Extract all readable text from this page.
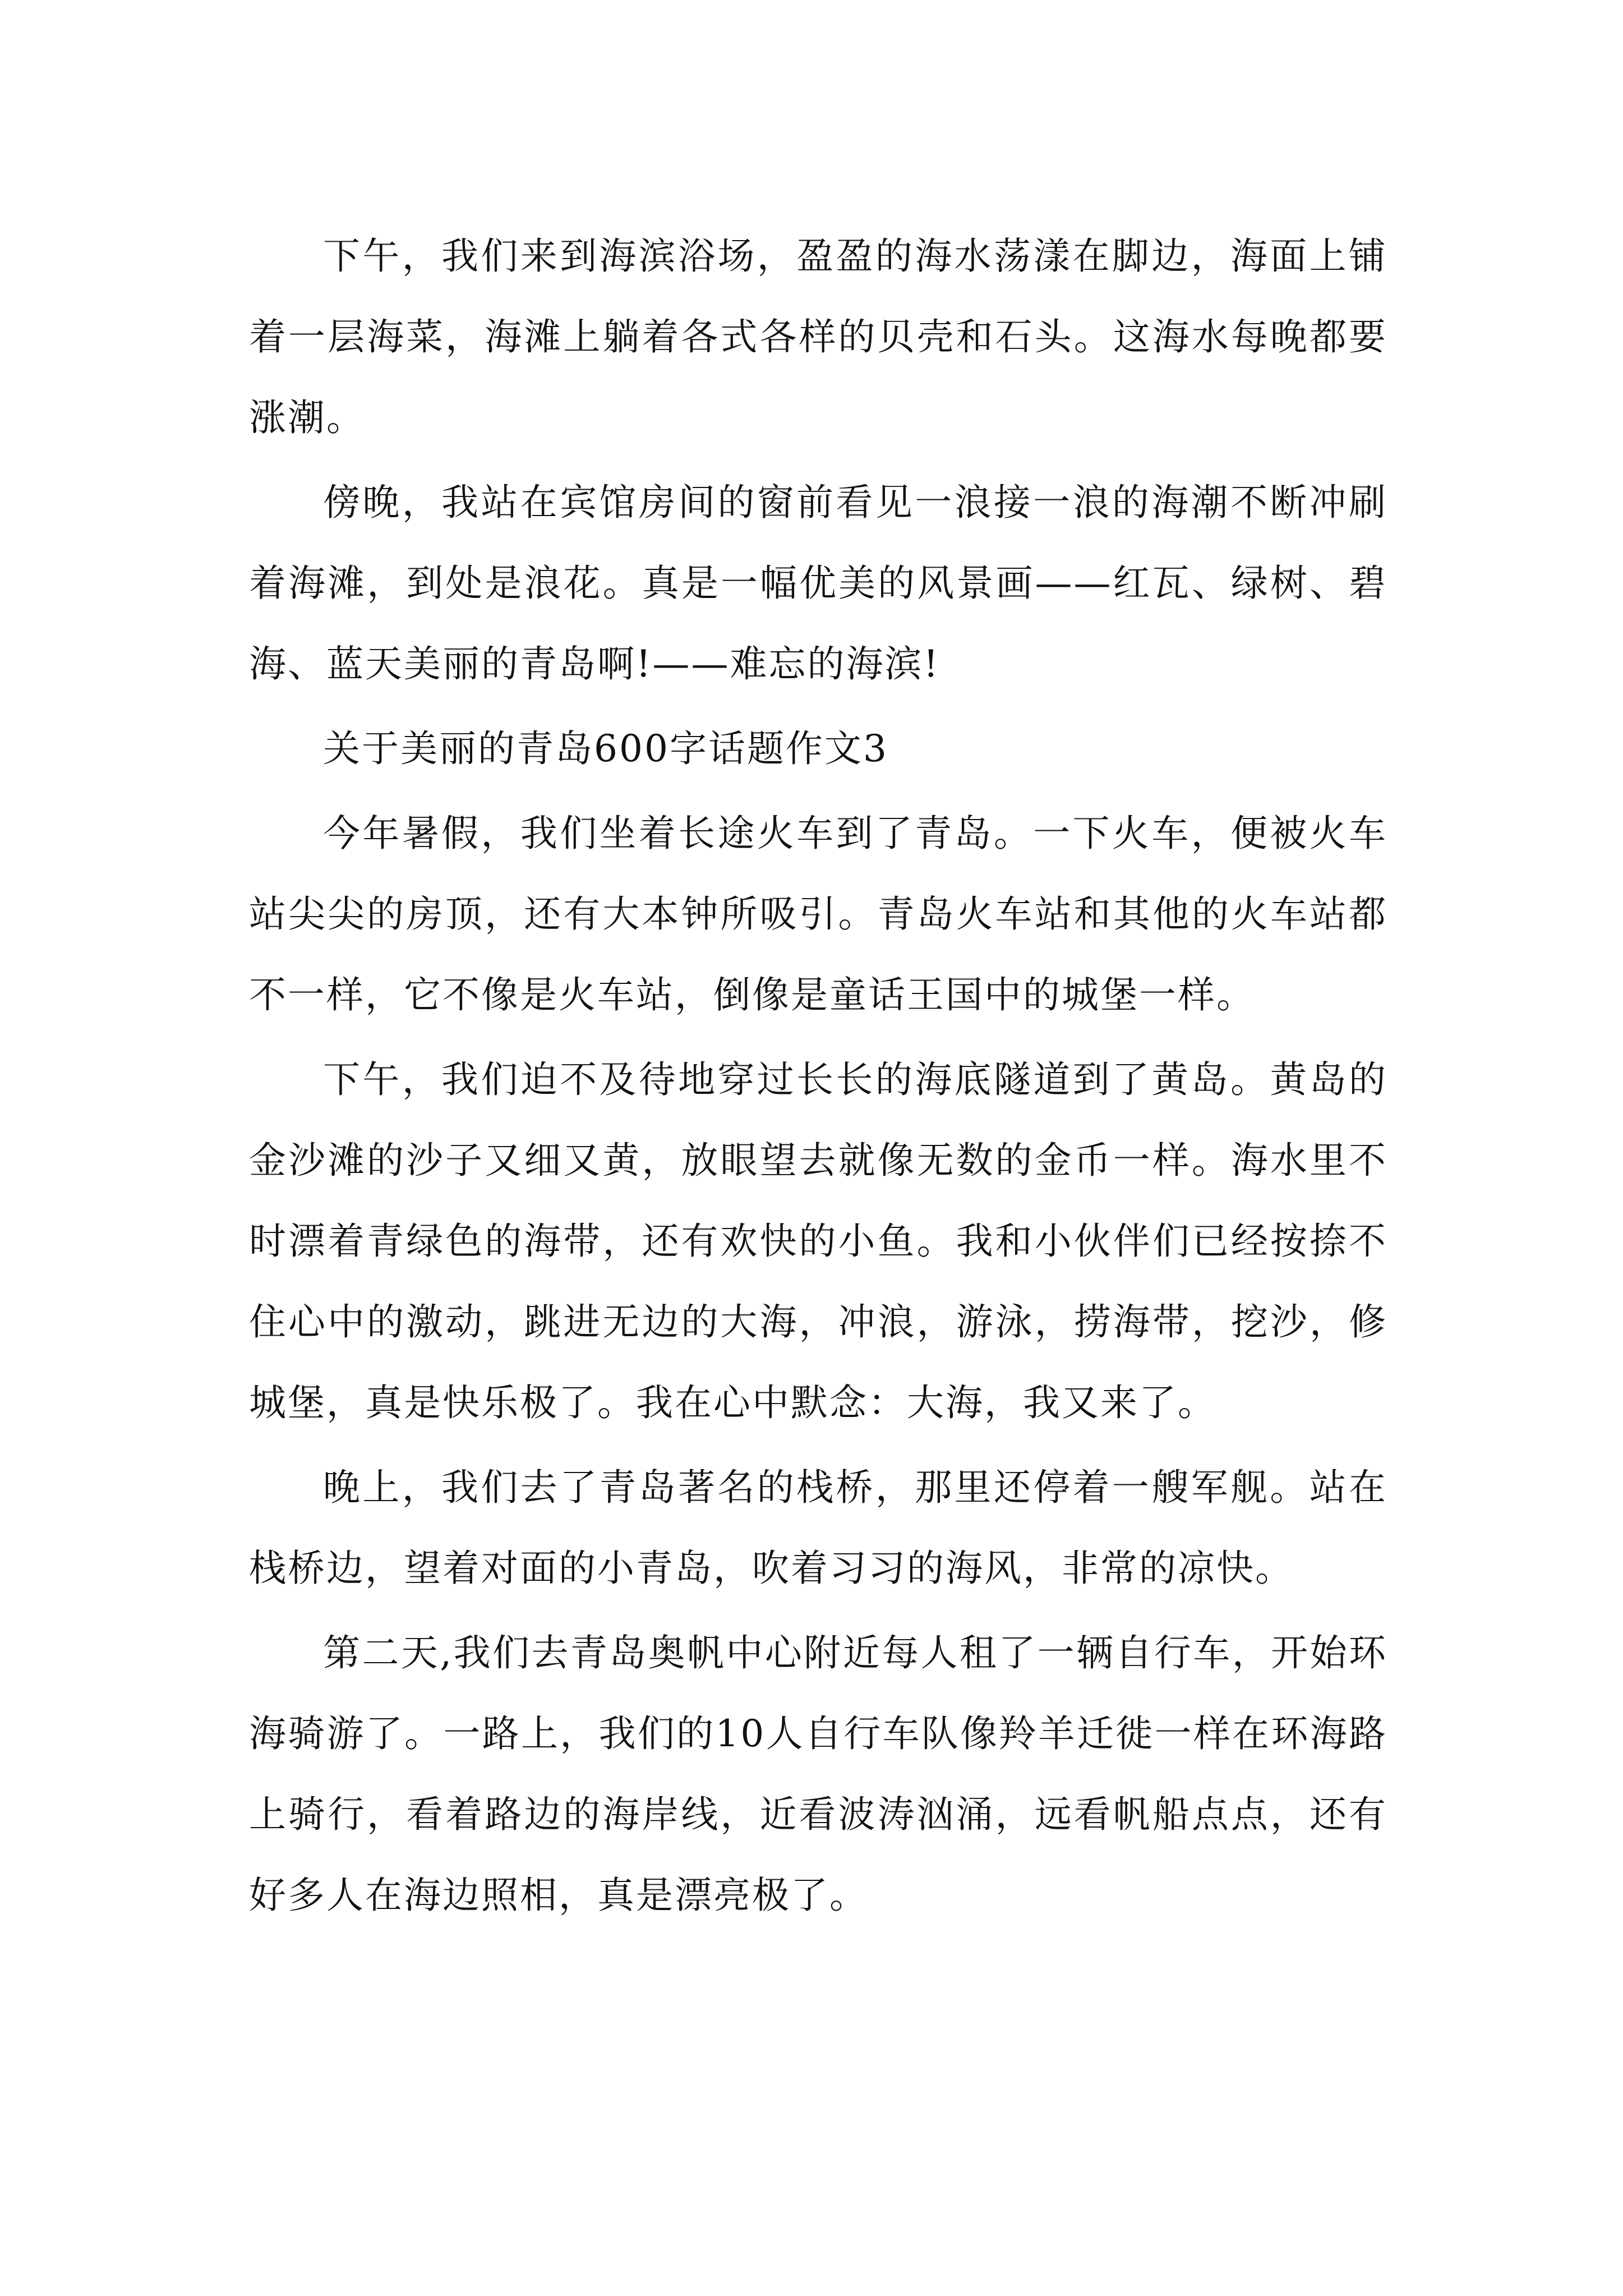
下午，我们来到海滨浴场，盈盈的海水荡漾在脚边，海面上铺着一层海菜，海滩上躺着各式各样的贝壳和石头。这海水每晚都要涨潮。

傍晚，我站在宾馆房间的窗前看见一浪接一浪的海潮不断冲刷着海滩，到处是浪花。真是一幅优美的风景画——红瓦、绿树、碧海、蓝天美丽的青岛啊!——难忘的海滨!

关于美丽的青岛600字话题作文3

今年暑假，我们坐着长途火车到了青岛。一下火车，便被火车站尖尖的房顶，还有大本钟所吸引。青岛火车站和其他的火车站都不一样，它不像是火车站，倒像是童话王国中的城堡一样。

下午，我们迫不及待地穿过长长的海底隧道到了黄岛。黄岛的金沙滩的沙子又细又黄，放眼望去就像无数的金币一样。海水里不时漂着青绿色的海带，还有欢快的小鱼。我和小伙伴们已经按捺不住心中的激动，跳进无边的大海，冲浪，游泳，捞海带，挖沙，修城堡，真是快乐极了。我在心中默念：大海，我又来了。

晚上，我们去了青岛著名的栈桥，那里还停着一艘军舰。站在栈桥边，望着对面的小青岛，吹着习习的海风，非常的凉快。

第二天,我们去青岛奥帆中心附近每人租了一辆自行车，开始环海骑游了。一路上，我们的10人自行车队像羚羊迁徙一样在环海路上骑行，看着路边的海岸线，近看波涛汹涌，远看帆船点点，还有好多人在海边照相，真是漂亮极了。
